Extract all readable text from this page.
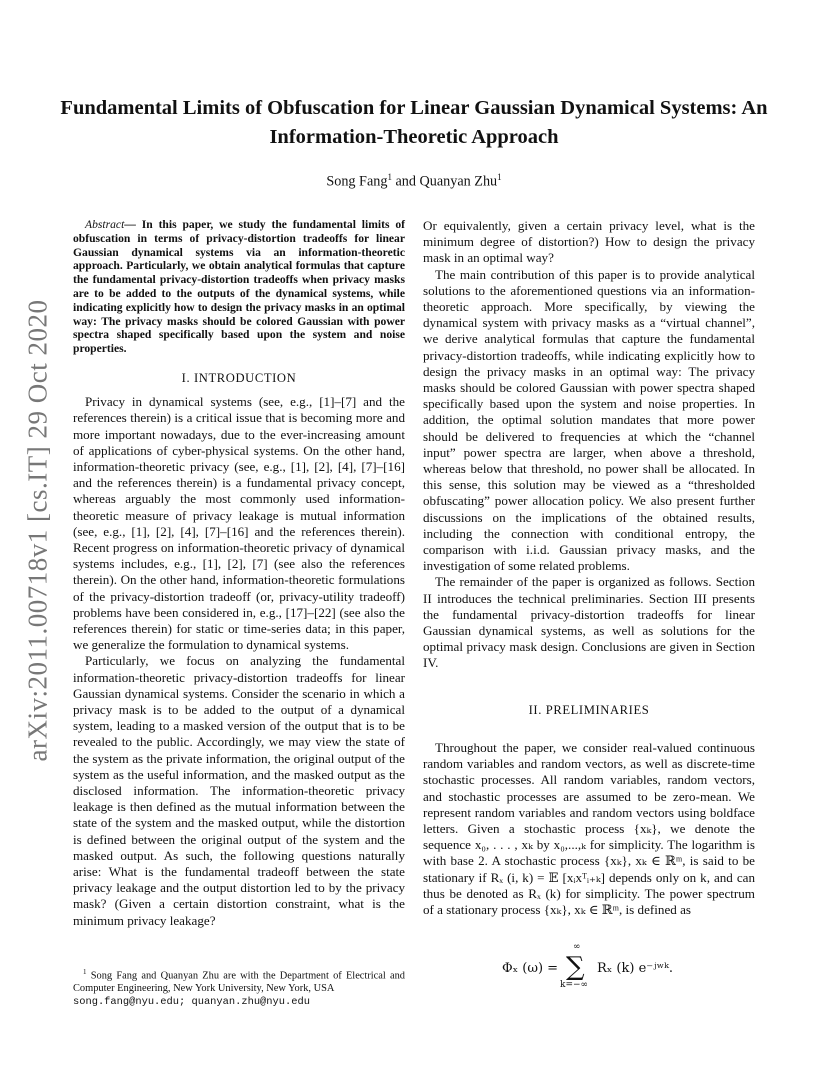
arXiv:2011.00718v1 [cs.IT] 29 Oct 2020
Fundamental Limits of Obfuscation for Linear Gaussian Dynamical Systems: An Information-Theoretic Approach
Song Fang$^1$ and Quanyan Zhu$^1$

Abstract— In this paper, we study the fundamental limits of obfuscation in terms of privacy-distortion tradeoffs for linear Gaussian dynamical systems via an information-theoretic approach. Particularly, we obtain analytical formulas that capture the fundamental privacy-distortion tradeoffs when privacy masks are to be added to the outputs of the dynamical systems, while indicating explicitly how to design the privacy masks in an optimal way: The privacy masks should be colored Gaussian with power spectra shaped specifically based upon the system and noise properties.

I. INTRODUCTION

Privacy in dynamical systems (see, e.g., [1]–[7] and the references therein) is a critical issue that is becoming more and more important nowadays, due to the ever-increasing amount of applications of cyber-physical systems. On the other hand, information-theoretic privacy (see, e.g., [1], [2], [4], [7]–[16] and the references therein) is a fundamental privacy concept, whereas arguably the most commonly used information-theoretic measure of privacy leakage is mutual information (see, e.g., [1], [2], [4], [7]–[16] and the references therein). Recent progress on information-theoretic privacy of dynamical systems includes, e.g., [1], [2], [7] (see also the references therein). On the other hand, information-theoretic formulations of the privacy-distortion tradeoff (or, privacy-utility tradeoff) problems have been considered in, e.g., [17]–[22] (see also the references therein) for static or time-series data; in this paper, we generalize the formulation to dynamical systems.

Particularly, we focus on analyzing the fundamental information-theoretic privacy-distortion tradeoffs for linear Gaussian dynamical systems. Consider the scenario in which a privacy mask is to be added to the output of a dynamical system, leading to a masked version of the output that is to be revealed to the public. Accordingly, we may view the state of the system as the private information, the original output of the system as the useful information, and the masked output as the disclosed information. The information-theoretic privacy leakage is then defined as the mutual information between the state of the system and the masked output, while the distortion is defined between the original output of the system and the masked output. As such, the following questions naturally arise: What is the fundamental tradeoff between the state privacy leakage and the output distortion led to by the privacy mask? (Given a certain distortion constraint, what is the minimum privacy leakage?

Or equivalently, given a certain privacy level, what is the minimum degree of distortion?) How to design the privacy mask in an optimal way?

The main contribution of this paper is to provide analytical solutions to the aforementioned questions via an information-theoretic approach. More specifically, by viewing the dynamical system with privacy masks as a “virtual channel”, we derive analytical formulas that capture the fundamental privacy-distortion tradeoffs, while indicating explicitly how to design the privacy masks in an optimal way: The privacy masks should be colored Gaussian with power spectra shaped specifically based upon the system and noise properties. In addition, the optimal solution mandates that more power should be delivered to frequencies at which the “channel input” power spectra are larger, when above a threshold, whereas below that threshold, no power shall be allocated. In this sense, this solution may be viewed as a “thresholded obfuscating” power allocation policy. We also present further discussions on the implications of the obtained results, including the connection with conditional entropy, the comparison with i.i.d. Gaussian privacy masks, and the investigation of some related problems.

The remainder of the paper is organized as follows. Section II introduces the technical preliminaries. Section III presents the fundamental privacy-distortion tradeoffs for linear Gaussian dynamical systems, as well as solutions for the optimal privacy mask design. Conclusions are given in Section IV.

II. PRELIMINARIES

Throughout the paper, we consider real-valued continuous random variables and random vectors, as well as discrete-time stochastic processes. All random variables, random vectors, and stochastic processes are assumed to be zero-mean. We represent random variables and random vectors using boldface letters. Given a stochastic process {xₖ}, we denote the sequence x₀, . . . , xₖ by x₀,...,ₖ for simplicity. The logarithm is with base 2. A stochastic process {xₖ}, xₖ ∈ ℝᵐ, is said to be stationary if Rₓ (i, k) = 𝔼 [xᵢxᵀᵢ₊ₖ] depends only on k, and can thus be denoted as Rₓ (k) for simplicity. The power spectrum of a stationary process {xₖ}, xₖ ∈ ℝᵐ, is defined as

Φₓ (ω) = ∑
∞
k=−∞
Rₓ (k) e⁻ʲʷᵏ.

$^1$ Song Fang and Quanyan Zhu are with the Department of Electrical and Computer Engineering, New York University, New York, USA

song.fang@nyu.edu; quanyan.zhu@nyu.edu
